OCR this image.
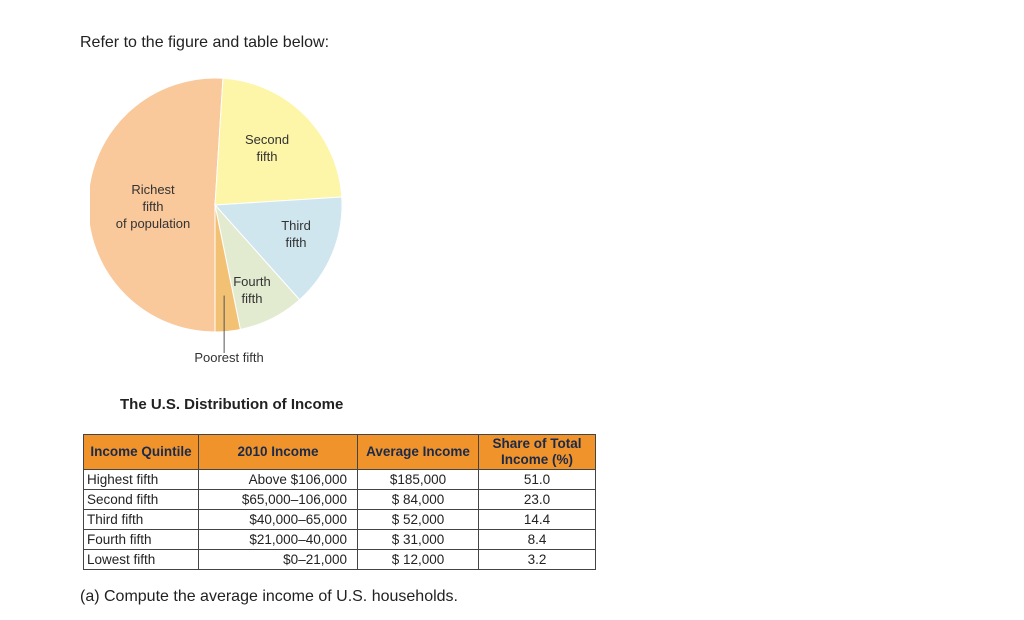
Refer to the figure and table below:
Richest fifth of population
Second fifth
Third fifth
Fourth fifth
Poorest fifth
The U.S. Distribution of Income
Income Quintile	2010 Income	Average Income	Share of Total Income (%)
Highest fifth	Above $106,000	$185,000	51.0
Second fifth	$65,000–106,000	$ 84,000	23.0
Third fifth	$40,000–65,000	$ 52,000	14.4
Fourth fifth	$21,000–40,000	$ 31,000	8.4
Lowest fifth	$0–21,000	$ 12,000	3.2
(a) Compute the average income of U.S. households.
